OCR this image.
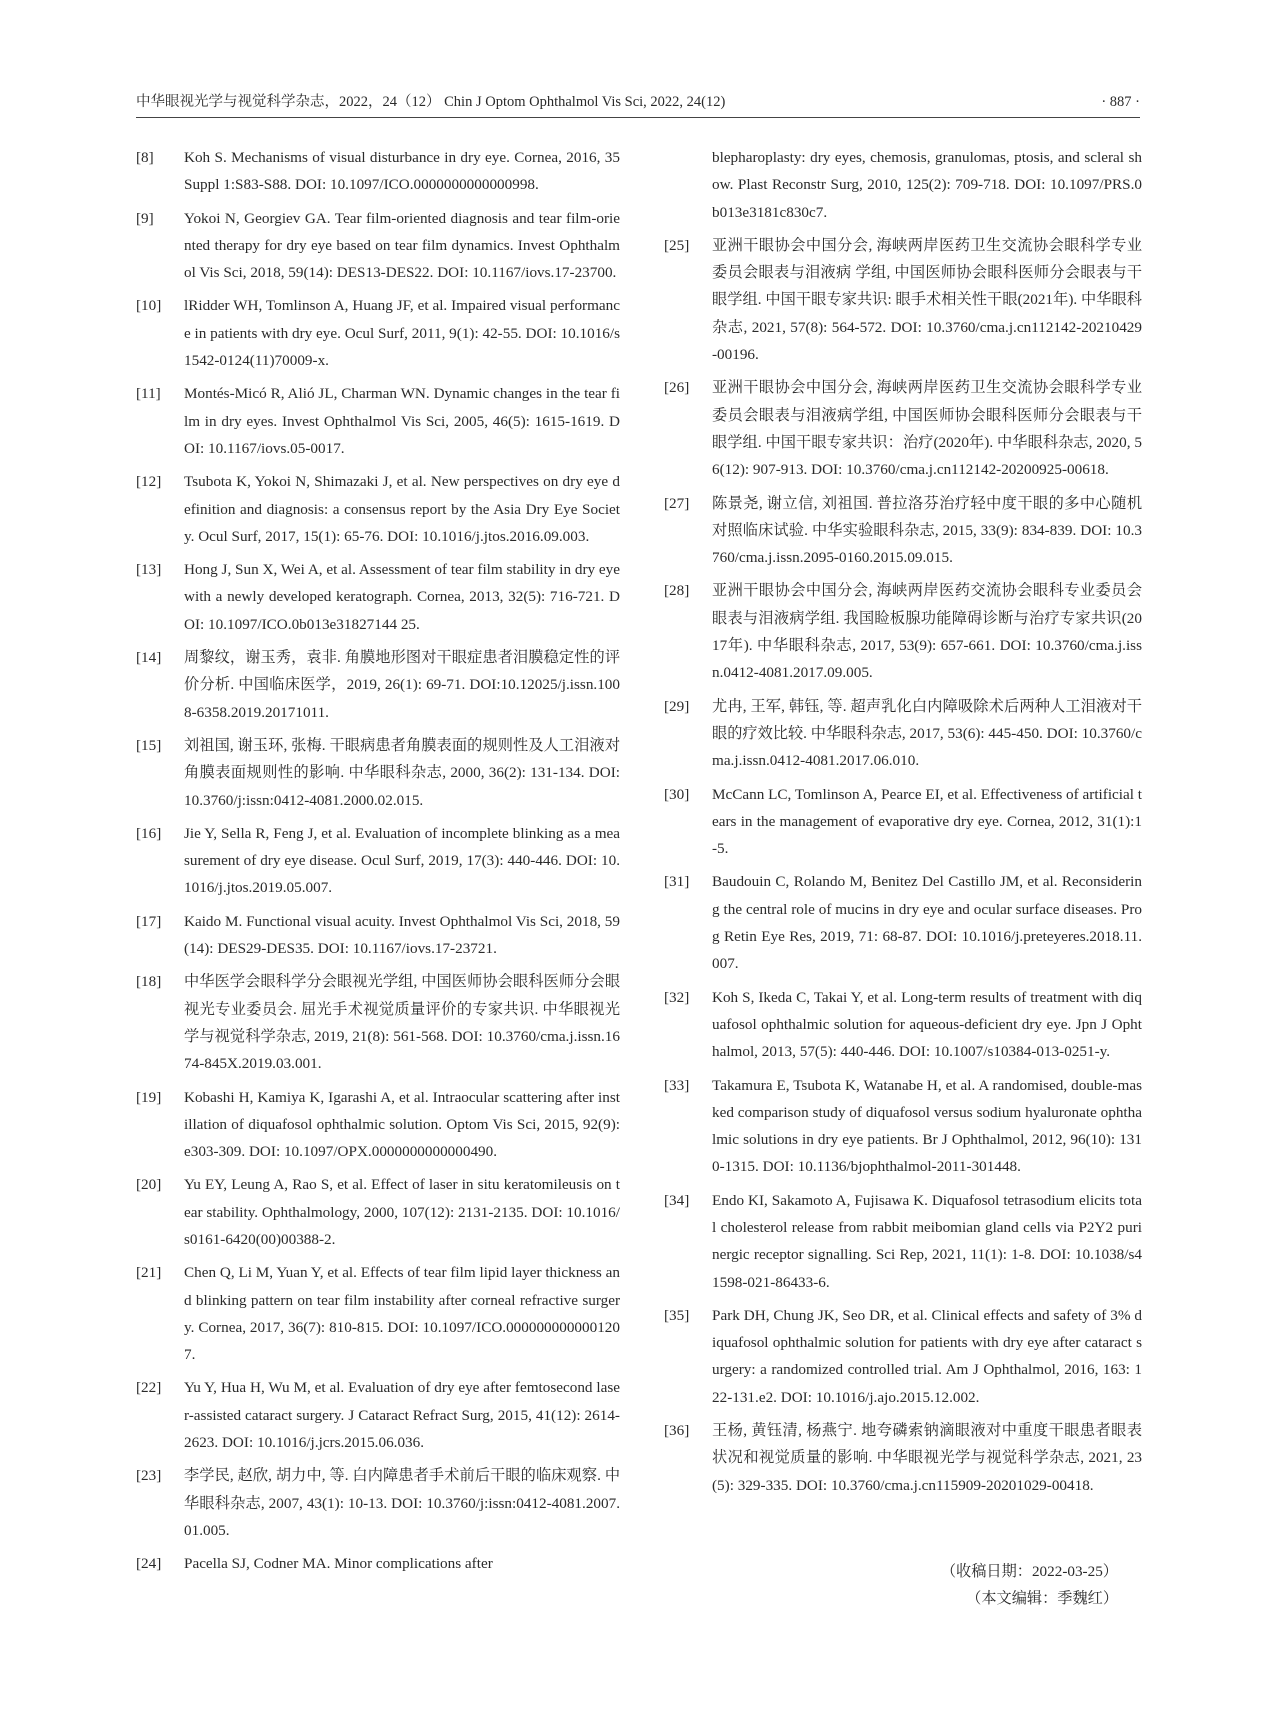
中华眼视光学与视觉科学杂志，2022，24（12） Chin J Optom Ophthalmol Vis Sci, 2022, 24(12)	· 887 ·
[8] Koh S. Mechanisms of visual disturbance in dry eye. Cornea, 2016, 35 Suppl 1:S83-S88. DOI: 10.1097/ICO.0000000000000998.
[9] Yokoi N, Georgiev GA. Tear film-oriented diagnosis and tear film-oriented therapy for dry eye based on tear film dynamics. Invest Ophthalmol Vis Sci, 2018, 59(14): DES13-DES22. DOI: 10.1167/iovs.17-23700.
[10] lRidder WH, Tomlinson A, Huang JF, et al. Impaired visual performance in patients with dry eye. Ocul Surf, 2011, 9(1): 42-55. DOI: 10.1016/s1542-0124(11)70009-x.
[11] Montés-Micó R, Alió JL, Charman WN. Dynamic changes in the tear film in dry eyes. Invest Ophthalmol Vis Sci, 2005, 46(5): 1615-1619. DOI: 10.1167/iovs.05-0017.
[12] Tsubota K, Yokoi N, Shimazaki J, et al. New perspectives on dry eye definition and diagnosis: a consensus report by the Asia Dry Eye Society. Ocul Surf, 2017, 15(1): 65-76. DOI: 10.1016/j.jtos.2016.09.003.
[13] Hong J, Sun X, Wei A, et al. Assessment of tear film stability in dry eye with a newly developed keratograph. Cornea, 2013, 32(5): 716-721. DOI: 10.1097/ICO.0b013e31827144 25.
[14] 周黎纹，谢玉秀，袁非. 角膜地形图对干眼症患者泪膜稳定性的评价分析. 中国临床医学，2019, 26(1): 69-71. DOI:10.12025/j.issn.1008-6358.2019.20171011.
[15] 刘祖国, 谢玉环, 张梅. 干眼病患者角膜表面的规则性及人工泪液对角膜表面规则性的影响. 中华眼科杂志, 2000, 36(2): 131-134. DOI: 10.3760/j:issn:0412-4081.2000.02.015.
[16] Jie Y, Sella R, Feng J, et al. Evaluation of incomplete blinking as a measurement of dry eye disease. Ocul Surf, 2019, 17(3): 440-446. DOI: 10.1016/j.jtos.2019.05.007.
[17] Kaido M. Functional visual acuity. Invest Ophthalmol Vis Sci, 2018, 59(14): DES29-DES35. DOI: 10.1167/iovs.17-23721.
[18] 中华医学会眼科学分会眼视光学组, 中国医师协会眼科医师分会眼视光专业委员会. 屈光手术视觉质量评价的专家共识. 中华眼视光学与视觉科学杂志, 2019, 21(8): 561-568. DOI: 10.3760/cma.j.issn.1674-845X.2019.03.001.
[19] Kobashi H, Kamiya K, Igarashi A, et al. Intraocular scattering after instillation of diquafosol ophthalmic solution. Optom Vis Sci, 2015, 92(9): e303-309. DOI: 10.1097/OPX.0000000000000490.
[20] Yu EY, Leung A, Rao S, et al. Effect of laser in situ keratomileusis on tear stability. Ophthalmology, 2000, 107(12): 2131-2135. DOI: 10.1016/s0161-6420(00)00388-2.
[21] Chen Q, Li M, Yuan Y, et al. Effects of tear film lipid layer thickness and blinking pattern on tear film instability after corneal refractive surgery. Cornea, 2017, 36(7): 810-815. DOI: 10.1097/ICO.0000000000001207.
[22] Yu Y, Hua H, Wu M, et al. Evaluation of dry eye after femtosecond laser-assisted cataract surgery. J Cataract Refract Surg, 2015, 41(12): 2614-2623. DOI: 10.1016/j.jcrs.2015.06.036.
[23] 李学民, 赵欣, 胡力中, 等. 白内障患者手术前后干眼的临床观察. 中华眼科杂志, 2007, 43(1): 10-13. DOI: 10.3760/j:issn:0412-4081.2007.01.005.
[24] Pacella SJ, Codner MA. Minor complications after
blepharoplasty: dry eyes, chemosis, granulomas, ptosis, and scleral show. Plast Reconstr Surg, 2010, 125(2): 709-718. DOI: 10.1097/PRS.0b013e3181c830c7.
[25] 亚洲干眼协会中国分会, 海峡两岸医药卫生交流协会眼科学专业委员会眼表与泪液病 学组, 中国医师协会眼科医师分会眼表与干眼学组. 中国干眼专家共识: 眼手术相关性干眼(2021年). 中华眼科杂志, 2021, 57(8): 564-572. DOI: 10.3760/cma.j.cn112142-20210429-00196.
[26] 亚洲干眼协会中国分会, 海峡两岸医药卫生交流协会眼科学专业委员会眼表与泪液病学组, 中国医师协会眼科医师分会眼表与干眼学组. 中国干眼专家共识：治疗(2020年). 中华眼科杂志, 2020, 56(12): 907-913. DOI: 10.3760/cma.j.cn112142-20200925-00618.
[27] 陈景尧, 谢立信, 刘祖国. 普拉洛芬治疗轻中度干眼的多中心随机对照临床试验. 中华实验眼科杂志, 2015, 33(9): 834-839. DOI: 10.3760/cma.j.issn.2095-0160.2015.09.015.
[28] 亚洲干眼协会中国分会, 海峡两岸医药交流协会眼科专业委员会眼表与泪液病学组. 我国睑板腺功能障碍诊断与治疗专家共识(2017年). 中华眼科杂志, 2017, 53(9): 657-661. DOI: 10.3760/cma.j.issn.0412-4081.2017.09.005.
[29] 尤冉, 王军, 韩钰, 等. 超声乳化白内障吸除术后两种人工泪液对干眼的疗效比较. 中华眼科杂志, 2017, 53(6): 445-450. DOI: 10.3760/cma.j.issn.0412-4081.2017.06.010.
[30] McCann LC, Tomlinson A, Pearce EI, et al. Effectiveness of artificial tears in the management of evaporative dry eye. Cornea, 2012, 31(1):1-5.
[31] Baudouin C, Rolando M, Benitez Del Castillo JM, et al. Reconsidering the central role of mucins in dry eye and ocular surface diseases. Prog Retin Eye Res, 2019, 71: 68-87. DOI: 10.1016/j.preteyeres.2018.11.007.
[32] Koh S, Ikeda C, Takai Y, et al. Long-term results of treatment with diquafosol ophthalmic solution for aqueous-deficient dry eye. Jpn J Ophthalmol, 2013, 57(5): 440-446. DOI: 10.1007/s10384-013-0251-y.
[33] Takamura E, Tsubota K, Watanabe H, et al. A randomised, double-masked comparison study of diquafosol versus sodium hyaluronate ophthalmic solutions in dry eye patients. Br J Ophthalmol, 2012, 96(10): 1310-1315. DOI: 10.1136/bjophthalmol-2011-301448.
[34] Endo KI, Sakamoto A, Fujisawa K. Diquafosol tetrasodium elicits total cholesterol release from rabbit meibomian gland cells via P2Y2 purinergic receptor signalling. Sci Rep, 2021, 11(1): 1-8. DOI: 10.1038/s41598-021-86433-6.
[35] Park DH, Chung JK, Seo DR, et al. Clinical effects and safety of 3% diquafosol ophthalmic solution for patients with dry eye after cataract surgery: a randomized controlled trial. Am J Ophthalmol, 2016, 163: 122-131.e2. DOI: 10.1016/j.ajo.2015.12.002.
[36] 王杨, 黄钰清, 杨燕宁. 地夸磷索钠滴眼液对中重度干眼患者眼表状况和视觉质量的影响. 中华眼视光学与视觉科学杂志, 2021, 23(5): 329-335. DOI: 10.3760/cma.j.cn115909-20201029-00418.
（收稿日期：2022-03-25）
（本文编辑：季魏红）
